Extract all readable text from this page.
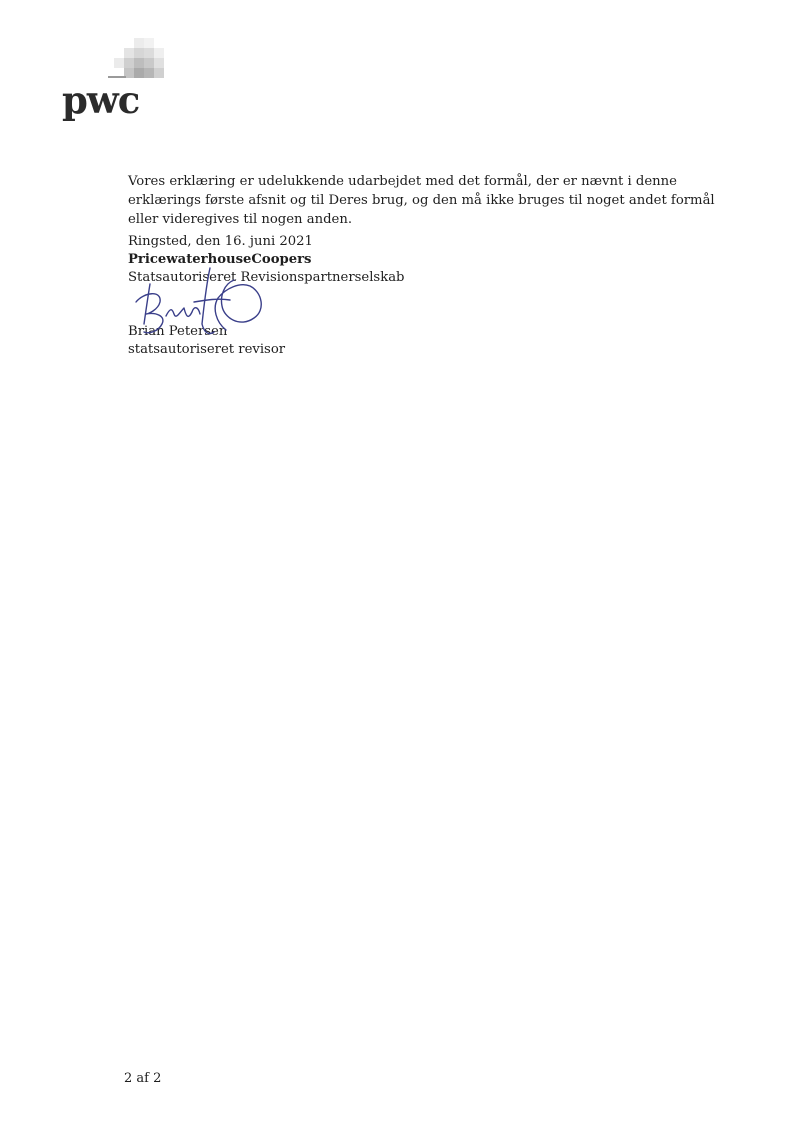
pwc

Vores erklæring er udelukkende udarbejdet med det formål, der er nævnt i denne erklærings første afsnit og til Deres brug, og den må ikke bruges til noget andet formål eller videregives til nogen anden.

Ringsted, den 16. juni 2021
PricewaterhouseCoopers
Statsautoriseret Revisionspartnerselskab
Brian Petersen
statsautoriseret revisor
2 af 2
